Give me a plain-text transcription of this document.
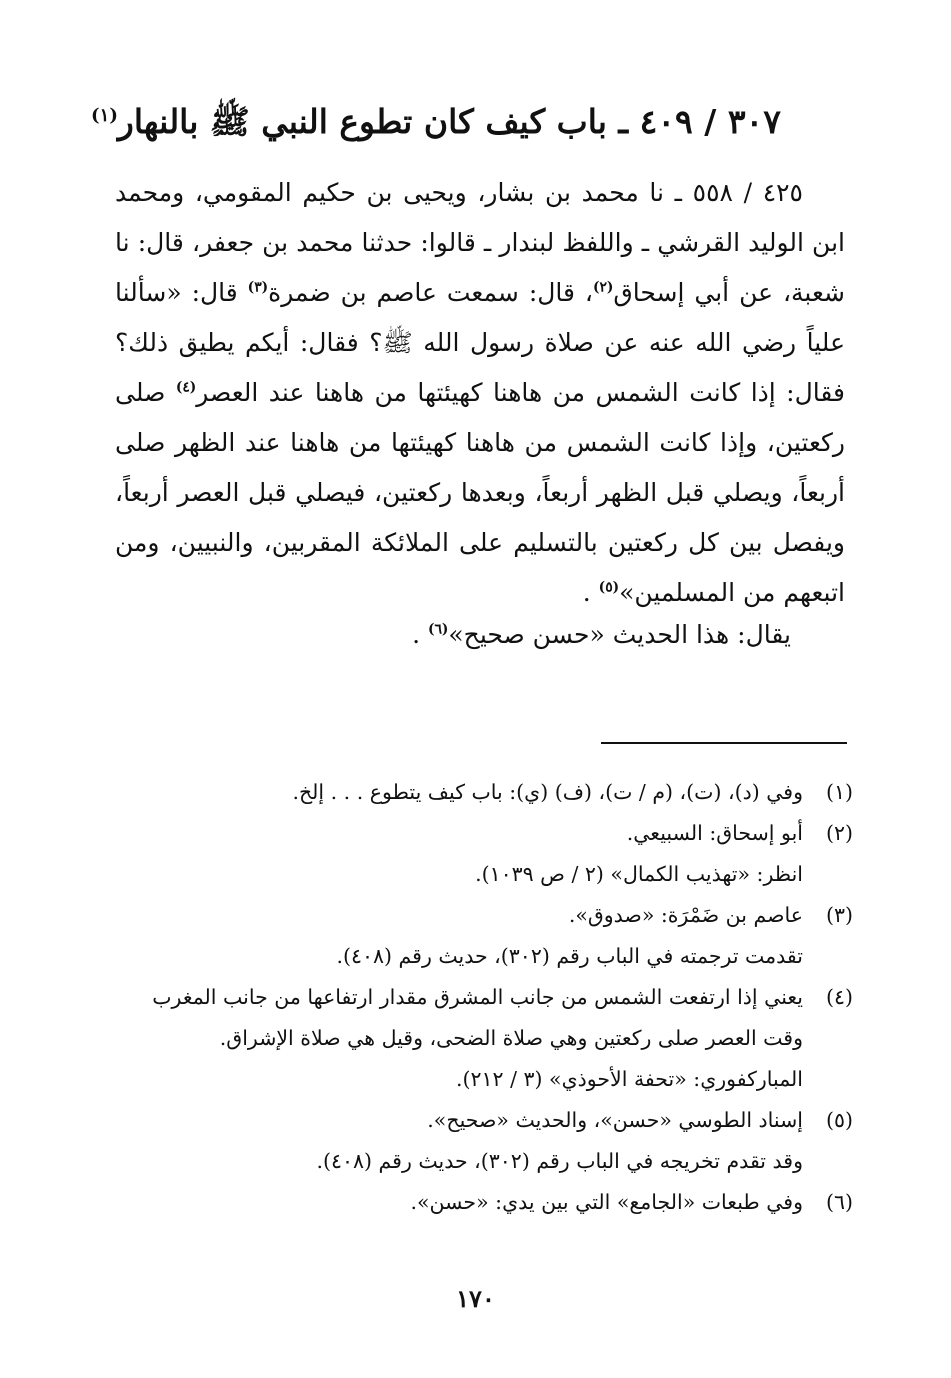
٣٠٧ / ٤٠٩ ـ باب كيف كان تطوع النبي ﷺ بالنهار$^{(١)}$

٤٢٥ / ٥٥٨ ـ نا محمد بن بشار، ويحيى بن حكيم المقومي، ومحمد ابن الوليد القرشي ـ واللفظ لبندار ـ قالوا: حدثنا محمد بن جعفر، قال: نا شعبة، عن أبي إسحاق$^{(٢)}$، قال: سمعت عاصم بن ضمرة$^{(٣)}$ قال: «سألنا علياً رضي الله عنه عن صلاة رسول الله ﷺ؟ فقال: أيكم يطيق ذلك؟ فقال: إذا كانت الشمس من هاهنا كهيئتها من هاهنا عند العصر$^{(٤)}$ صلى ركعتين، وإذا كانت الشمس من هاهنا كهيئتها من هاهنا عند الظهر صلى أربعاً، ويصلي قبل الظهر أربعاً، وبعدها ركعتين، فيصلي قبل العصر أربعاً، ويفصل بين كل ركعتين بالتسليم على الملائكة المقربين، والنبيين، ومن اتبعهم من المسلمين»$^{(٥)}$ .

يقال: هذا الحديث «حسن صحيح»$^{(٦)}$ .
(١)
وفي (د)، (ت)، (م / ت)، (ف) (ي): باب كيف يتطوع . . . إلخ.
(٢)
أبو إسحاق: السبيعي.
انظر: «تهذيب الكمال» (٢ / ص ١٠٣٩).
(٣)
عاصم بن ضَمْرَة: «صدوق».
تقدمت ترجمته في الباب رقم (٣٠٢)، حديث رقم (٤٠٨).
(٤)
يعني إذا ارتفعت الشمس من جانب المشرق مقدار ارتفاعها من جانب المغرب وقت العصر صلى ركعتين وهي صلاة الضحى، وقيل هي صلاة الإشراق.
المباركفوري: «تحفة الأحوذي» (٣ / ٢١٢).
(٥)
إسناد الطوسي «حسن»، والحديث «صحيح».
وقد تقدم تخريجه في الباب رقم (٣٠٢)، حديث رقم (٤٠٨).
(٦)
وفي طبعات «الجامع» التي بين يدي: «حسن».
١٧٠
